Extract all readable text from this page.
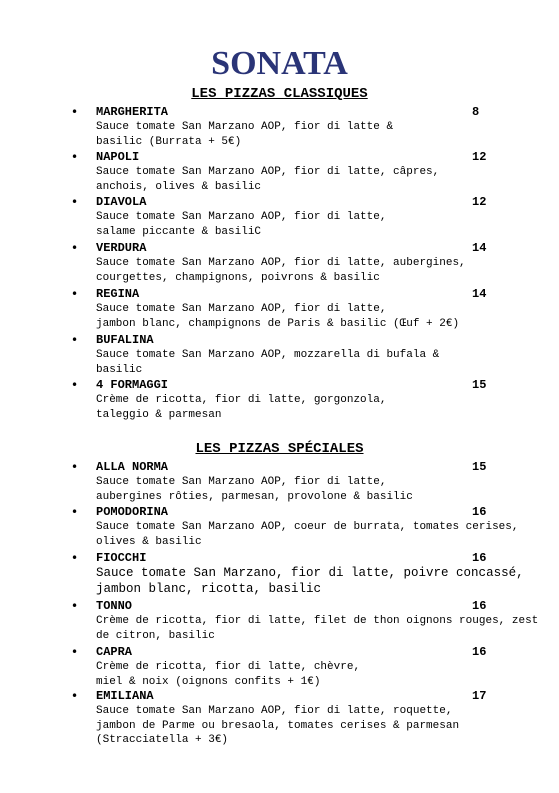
SONATA
LES PIZZAS CLASSIQUES
• MARGHERITA	8
Sauce tomate San Marzano AOP, fior di latte &
basilic (Burrata + 5€)
• NAPOLI	12
Sauce tomate San Marzano AOP, fior di latte, câpres,
anchois, olives & basilic
• DIAVOLA	12
Sauce tomate San Marzano AOP, fior di latte,
salame piccante & basiliC
• VERDURA	14
Sauce tomate San Marzano AOP, fior di latte, aubergines,
courgettes, champignons, poivrons & basilic
• REGINA	14
Sauce tomate San Marzano AOP, fior di latte,
jambon blanc, champignons de Paris & basilic (Œuf + 2€)
• BUFALINA
Sauce tomate San Marzano AOP, mozzarella di bufala &
basilic
• 4 FORMAGGI	15
Crème de ricotta, fior di latte, gorgonzola,
taleggio & parmesan
LES PIZZAS SPÉCIALES
• ALLA NORMA	15
Sauce tomate San Marzano AOP, fior di latte,
aubergines rôties, parmesan, provolone & basilic
• POMODORINA	16
Sauce tomate San Marzano AOP, coeur de burrata, tomates cerises,
olives & basilic
• FIOCCHI	16
Sauce tomate San Marzano, fior di latte, poivre concassé,
jambon blanc, ricotta, basilic
• TONNO	16
Crème de ricotta, fior di latte, filet de thon oignons rouges, zest
de citron, basilic
• CAPRA	16
Crème de ricotta, fior di latte, chèvre,
miel & noix (oignons confits + 1€)
• EMILIANA	17
Sauce tomate San Marzano AOP, fior di latte, roquette,
jambon de Parme ou bresaola, tomates cerises & parmesan
(Stracciatella + 3€)
